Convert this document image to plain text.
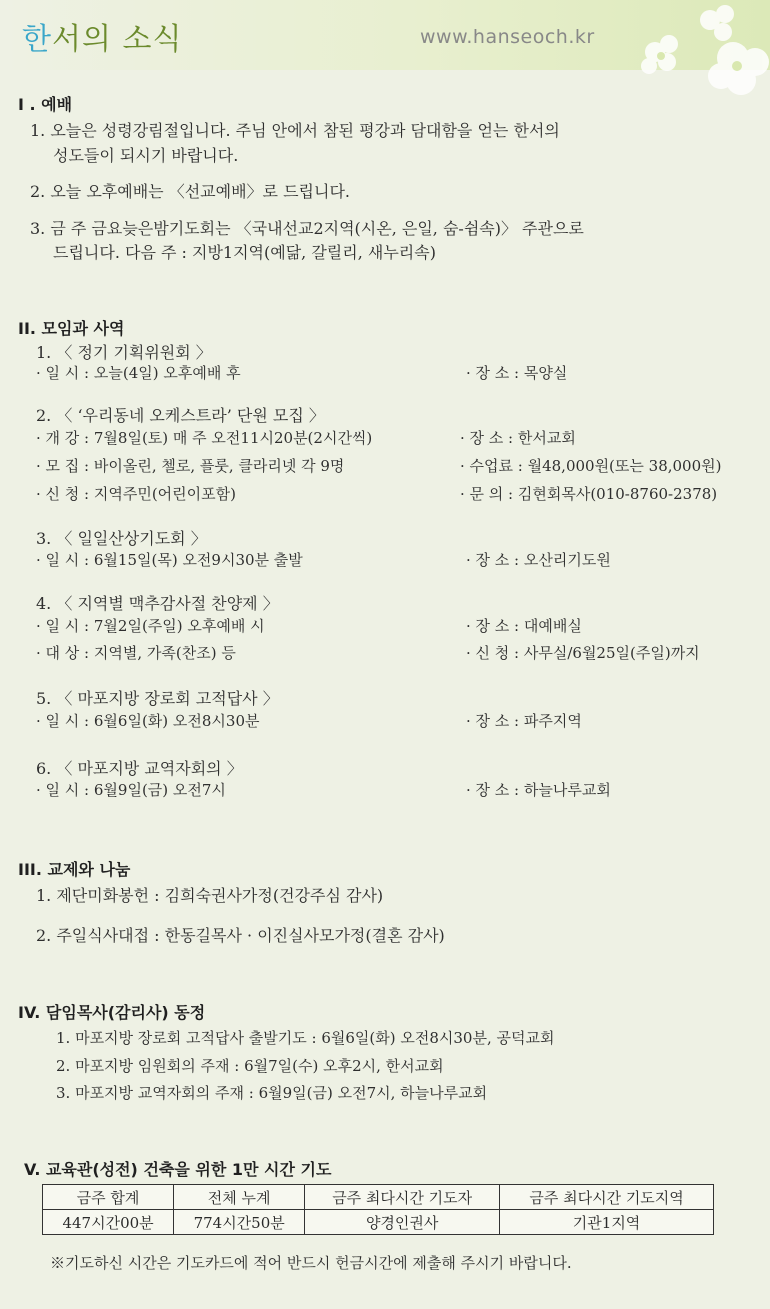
한서의 소식	www.hanseoch.kr
I . 예배
1. 오늘은 성령강림절입니다. 주님 안에서 참된 평강과 담대함을 얻는 한서의
성도들이 되시기 바랍니다.
2. 오늘 오후예배는 〈선교예배〉로 드립니다.
3. 금 주 금요늦은밤기도회는 〈국내선교2지역(시온, 은일, 숨-쉼속)〉 주관으로
드립니다. 다음 주 : 지방1지역(예닮, 갈릴리, 새누리속)
II. 모임과 사역
1. 〈 정기 기획위원회 〉
· 일 시 : 오늘(4일) 오후예배 후	· 장 소 : 목양실
2. 〈 ‘우리동네 오케스트라’ 단원 모집 〉
· 개 강 : 7월8일(토) 매 주 오전11시20분(2시간씩)	· 장 소 : 한서교회
· 모 집 : 바이올린, 첼로, 플룻, 클라리넷 각 9명	· 수업료 : 월48,000원(또는 38,000원)
· 신 청 : 지역주민(어린이포함)	· 문 의 : 김현회목사(010-8760-2378)
3. 〈 일일산상기도회 〉
· 일 시 : 6월15일(목) 오전9시30분 출발	· 장 소 : 오산리기도원
4. 〈 지역별 맥추감사절 찬양제 〉
· 일 시 : 7월2일(주일) 오후예배 시	· 장 소 : 대예배실
· 대 상 : 지역별, 가족(찬조) 등	· 신 청 : 사무실/6월25일(주일)까지
5. 〈 마포지방 장로회 고적답사 〉
· 일 시 : 6월6일(화) 오전8시30분	· 장 소 : 파주지역
6. 〈 마포지방 교역자회의 〉
· 일 시 : 6월9일(금) 오전7시	· 장 소 : 하늘나루교회
III. 교제와 나눔
1. 제단미화봉헌 : 김희숙권사가정(건강주심 감사)
2. 주일식사대접 : 한동길목사 · 이진실사모가정(결혼 감사)
IV. 담임목사(감리사) 동정
1. 마포지방 장로회 고적답사 출발기도 : 6월6일(화) 오전8시30분, 공덕교회
2. 마포지방 임원회의 주재 : 6월7일(수) 오후2시, 한서교회
3. 마포지방 교역자회의 주재 : 6월9일(금) 오전7시, 하늘나루교회
V. 교육관(성전) 건축을 위한 1만 시간 기도
금주 합계	전체 누계	금주 최다시간 기도자	금주 최다시간 기도지역
447시간00분	774시간50분	양경인권사	기관1지역
※기도하신 시간은 기도카드에 적어 반드시 헌금시간에 제출해 주시기 바랍니다.
